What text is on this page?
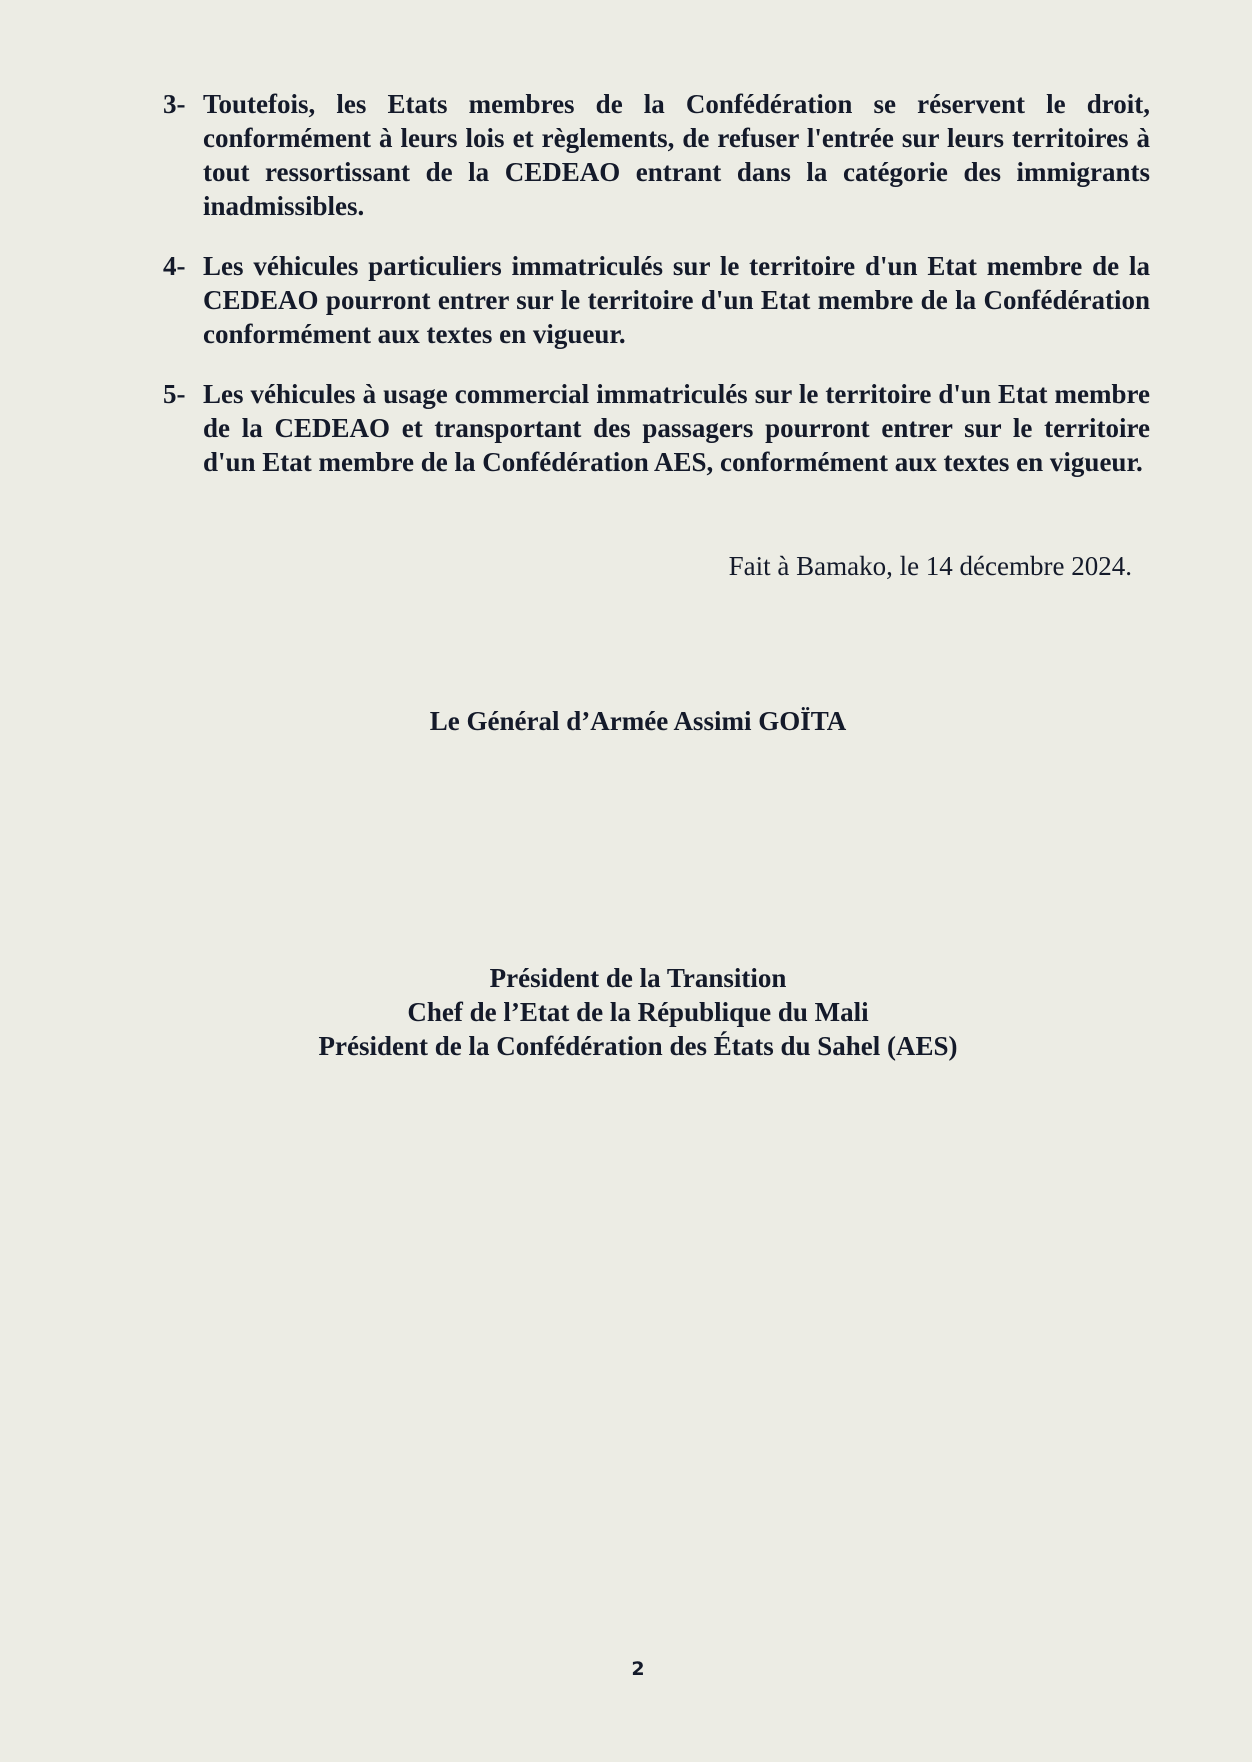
3- Toutefois, les Etats membres de la Confédération se réservent le droit, conformément à leurs lois et règlements, de refuser l'entrée sur leurs territoires à tout ressortissant de la CEDEAO entrant dans la catégorie des immigrants inadmissibles.
4- Les véhicules particuliers immatriculés sur le territoire d'un Etat membre de la CEDEAO pourront entrer sur le territoire d'un Etat membre de la Confédération conformément aux textes en vigueur.
5- Les véhicules à usage commercial immatriculés sur le territoire d'un Etat membre de la CEDEAO et transportant des passagers pourront entrer sur le territoire d'un Etat membre de la Confédération AES, conformément aux textes en vigueur.
Fait à Bamako, le 14 décembre 2024.
Le Général d’Armée Assimi GOÏTA
Président de la Transition
Chef de l’Etat de la République du Mali
Président de la Confédération des États du Sahel (AES)
2
